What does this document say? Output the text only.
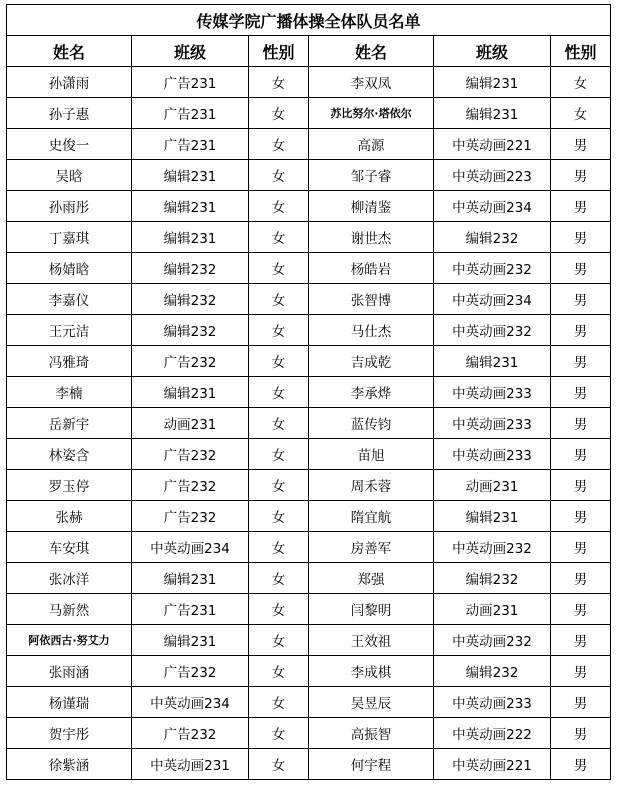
传媒学院广播体操全体队员名单					
姓名	班级	性别	姓名	班级	性别
孙潇雨	广告231	女	李双凤	编辑231	女
孙子惠	广告231	女	苏比努尔·塔依尔	编辑231	女
史俊一	广告231	女	高源	中英动画221	男
吴晗	编辑231	女	邹子睿	中英动画223	男
孙雨彤	编辑231	女	柳清鉴	中英动画234	男
丁嘉琪	编辑231	女	谢世杰	编辑232	男
杨婧晗	编辑232	女	杨皓岩	中英动画232	男
李嘉仪	编辑232	女	张智博	中英动画234	男
王元洁	编辑232	女	马仕杰	中英动画232	男
冯雅琦	广告232	女	吉成乾	编辑231	男
李楠	编辑231	女	李承烨	中英动画233	男
岳新宇	动画231	女	蓝传钧	中英动画233	男
林姿含	广告232	女	苗旭	中英动画233	男
罗玉停	广告232	女	周禾蓉	动画231	男
张赫	广告232	女	隋宜航	编辑231	男
车安琪	中英动画234	女	房善军	中英动画232	男
张冰洋	编辑231	女	郑强	编辑232	男
马新然	广告231	女	闫黎明	动画231	男
阿依西古·努艾力	编辑231	女	王效祖	中英动画232	男
张雨涵	广告232	女	李成棋	编辑232	男
杨谨瑞	中英动画234	女	吴昱辰	中英动画233	男
贺宇彤	广告232	女	高振智	中英动画222	男
徐紫涵	中英动画231	女	何宇程	中英动画221	男
